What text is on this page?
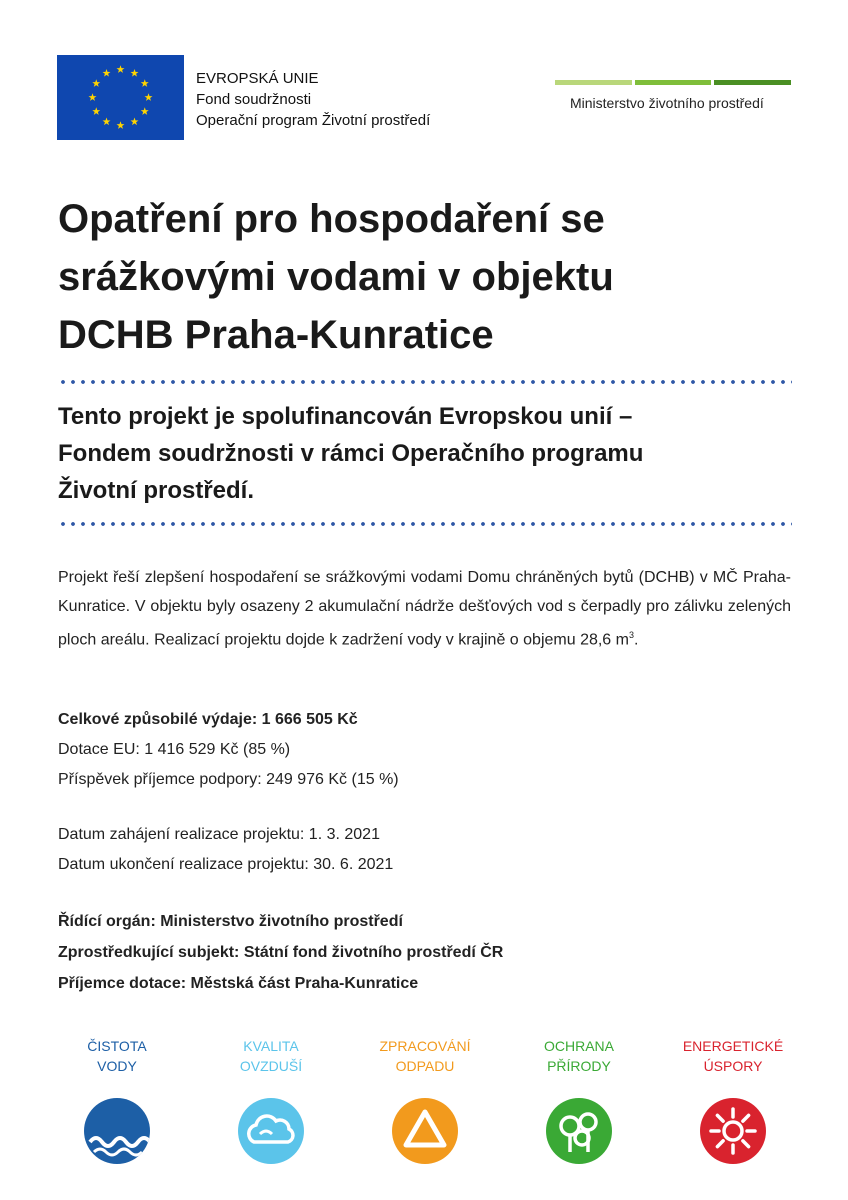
EVROPSKÁ UNIE
Fond soudržnosti
Operační program Životní prostředí
Ministerstvo životního prostředí
Opatření pro hospodaření se
srážkovými vodami v objektu
DCHB Praha-Kunratice
Tento projekt je spolufinancován Evropskou unií –
Fondem soudržnosti v rámci Operačního programu
Životní prostředí.
Projekt řeší zlepšení hospodaření se srážkovými vodami Domu chráněných bytů (DCHB) v MČ Praha-Kunratice. V objektu byly osazeny 2 akumulační nádrže dešťových vod s čerpadly pro zálivku zelených ploch areálu. Realizací projektu dojde k zadržení vody v krajině o objemu 28,6 $m^3$.
Celkové způsobilé výdaje: 1 666 505 Kč
Dotace EU: 1 416 529 Kč (85 %)
Příspěvek příjemce podpory: 249 976 Kč (15 %)
Datum zahájení realizace projektu: 1. 3. 2021
Datum ukončení realizace projektu: 30. 6. 2021
Řídící orgán: Ministerstvo životního prostředí
Zprostředkující subjekt: Státní fond životního prostředí ČR
Příjemce dotace: Městská část Praha-Kunratice
ČISTOTA
VODY
KVALITA
OVZDUŠÍ
ZPRACOVÁNÍ
ODPADU
OCHRANA
PŘÍRODY
ENERGETICKÉ
ÚSPORY
